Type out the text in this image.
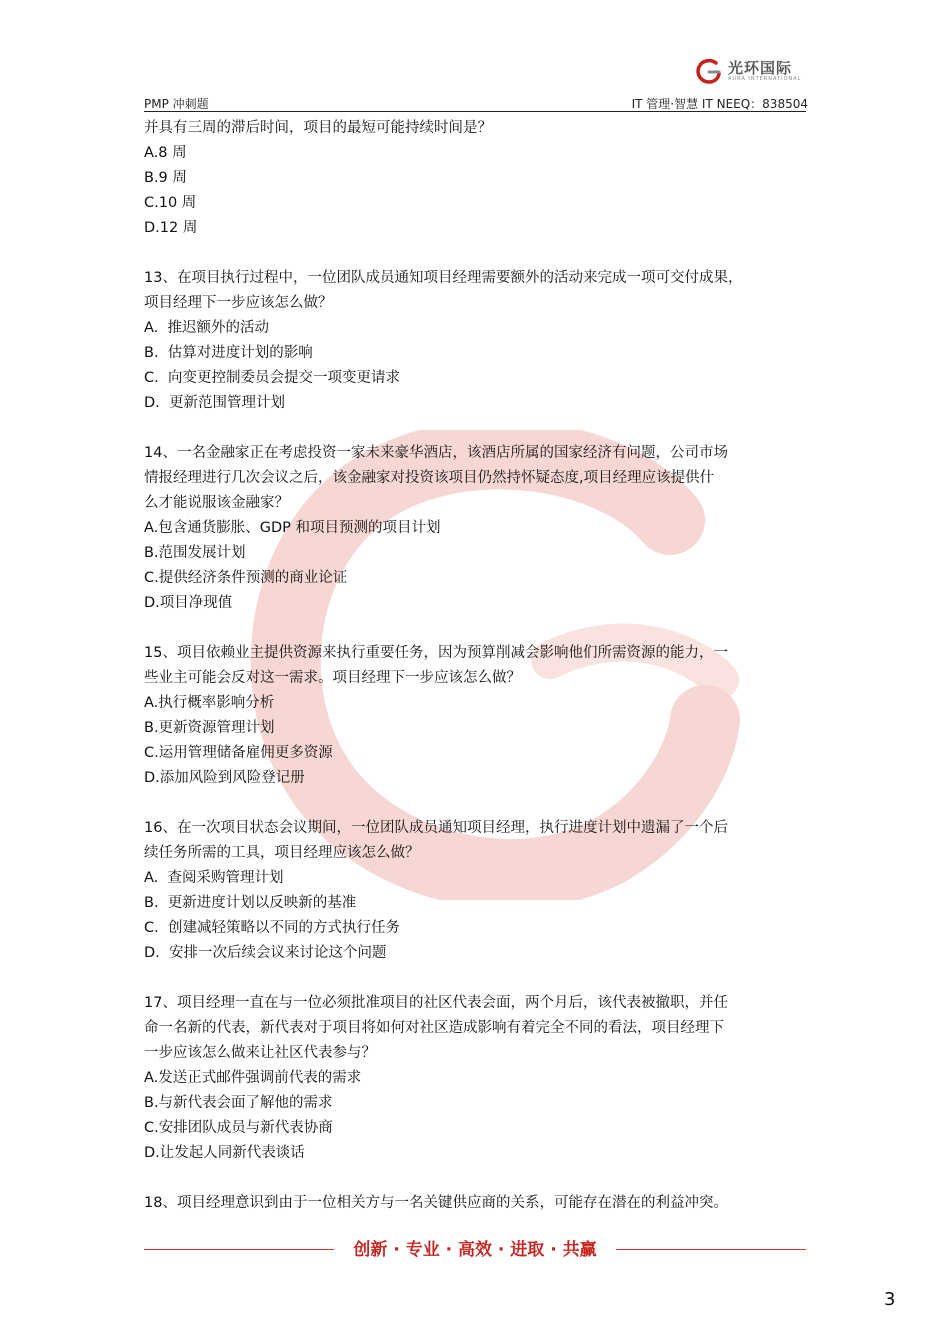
光环国际
AURA INTERNATIONAL
PMP 冲刺题	IT 管理·智慧 IT NEEQ：838504
并具有三周的滞后时间，项目的最短可能持续时间是？
A.8 周
B.9 周
C.10 周
D.12 周
13、在项目执行过程中，一位团队成员通知项目经理需要额外的活动来完成一项可交付成果，
项目经理下一步应该怎么做？
A.  推迟额外的活动
B.  估算对进度计划的影响
C.  向变更控制委员会提交一项变更请求
D.  更新范围管理计划
14、一名金融家正在考虑投资一家未来豪华酒店，该酒店所属的国家经济有问题，公司市场
情报经理进行几次会议之后，该金融家对投资该项目仍然持怀疑态度,项目经理应该提供什
么才能说服该金融家？
A.包含通货膨胀、GDP 和项目预测的项目计划
B.范围发展计划
C.提供经济条件预测的商业论证
D.项目净现值
15、项目依赖业主提供资源来执行重要任务，因为预算削减会影响他们所需资源的能力，一
些业主可能会反对这一需求。项目经理下一步应该怎么做？
A.执行概率影响分析
B.更新资源管理计划
C.运用管理储备雇佣更多资源
D.添加风险到风险登记册
16、在一次项目状态会议期间，一位团队成员通知项目经理，执行进度计划中遗漏了一个后
续任务所需的工具，项目经理应该怎么做？
A.  查阅采购管理计划
B.  更新进度计划以反映新的基准
C.  创建减轻策略以不同的方式执行任务
D.  安排一次后续会议来讨论这个问题
17、项目经理一直在与一位必须批准项目的社区代表会面，两个月后，该代表被撤职，并任
命一名新的代表，新代表对于项目将如何对社区造成影响有着完全不同的看法，项目经理下
一步应该怎么做来让社区代表参与？
A.发送正式邮件强调前代表的需求
B.与新代表会面了解他的需求
C.安排团队成员与新代表协商
D.让发起人同新代表谈话
18、项目经理意识到由于一位相关方与一名关键供应商的关系，可能存在潜在的利益冲突。
创新 · 专业 · 高效 · 进取 · 共赢
3
